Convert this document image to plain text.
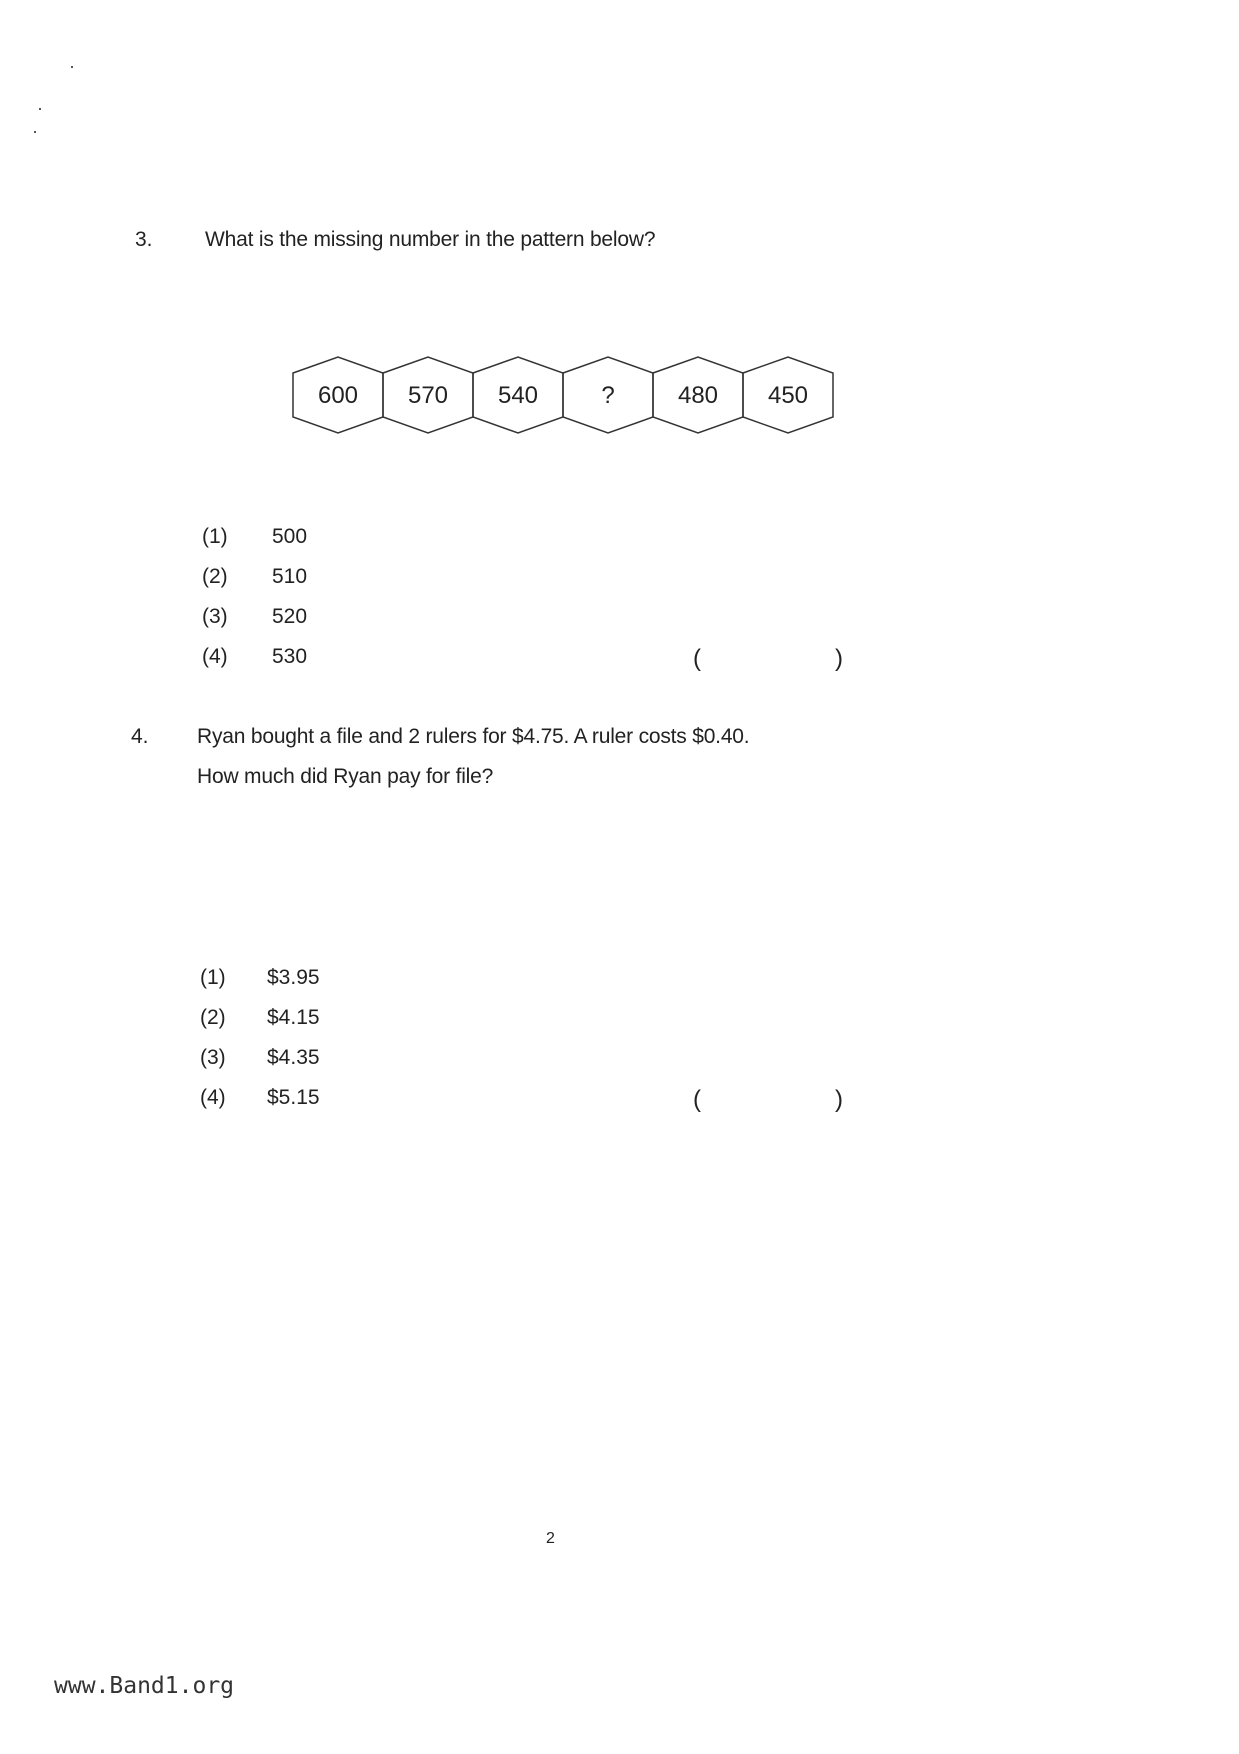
3. What is the missing number in the pattern below?
600 570 540	?	480 450
(1) 500
(2) 510
(3) 520
(4) 530	(	)
4. Ryan bought a file and 2 rulers for $4.75. A ruler costs $0.40.
How much did Ryan pay for file?
(1) $3.95
(2) $4.15
(3) $4.35
(4) $5.15	(	)
2
www.Band1.org
